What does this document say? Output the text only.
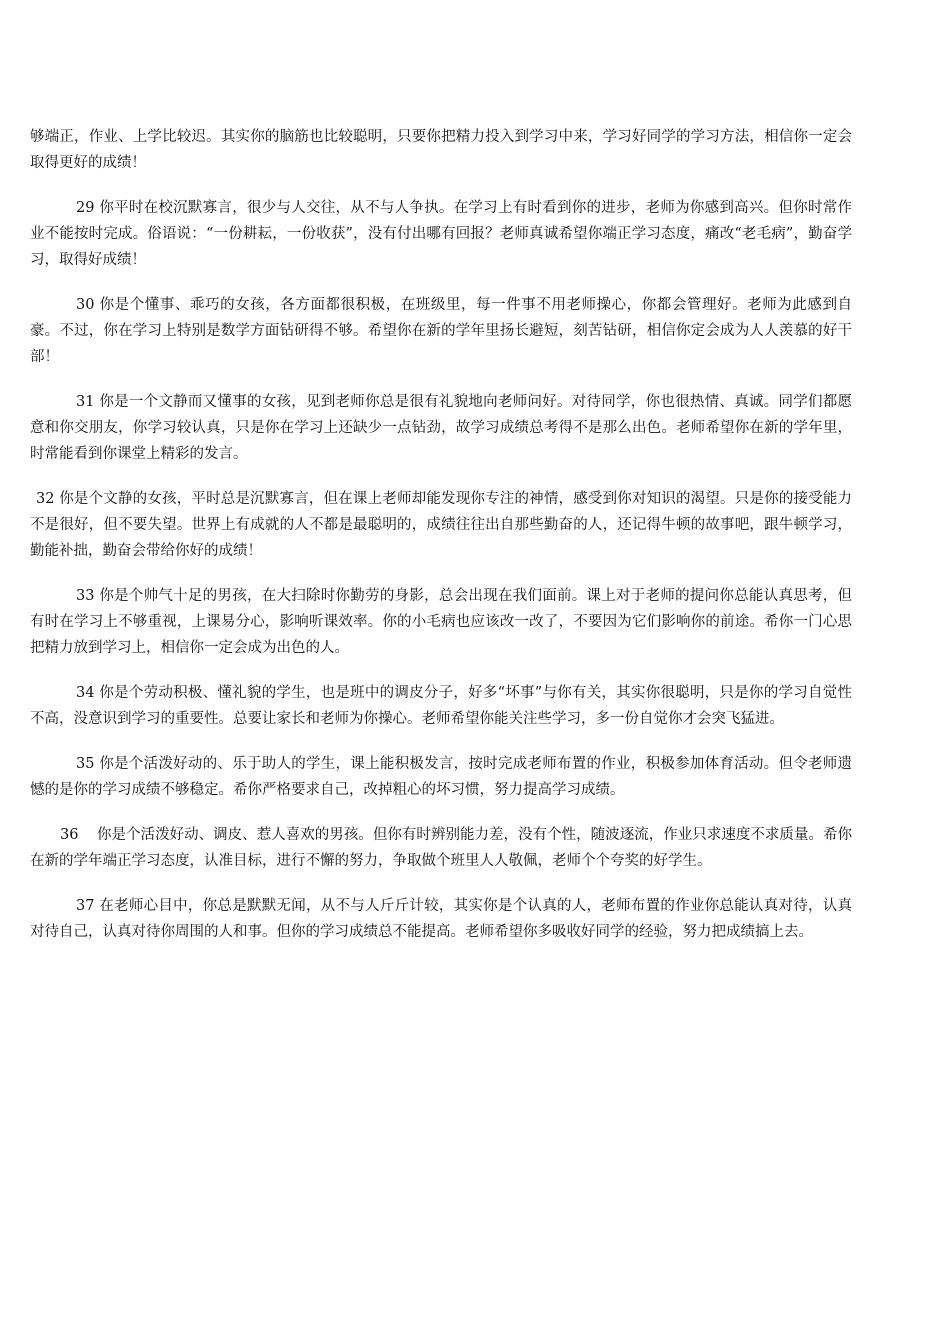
够端正，作业、上学比较迟。其实你的脑筋也比较聪明，只要你把精力投入到学习中来，学习好同学的学习方法，相信你一定会取得更好的成绩！

29 你平时在校沉默寡言，很少与人交往，从不与人争执。在学习上有时看到你的进步，老师为你感到高兴。但你时常作业不能按时完成。俗语说：“一份耕耘，一份收获”，没有付出哪有回报？老师真诚希望你端正学习态度，痛改“老毛病”，勤奋学习，取得好成绩！

30 你是个懂事、乖巧的女孩，各方面都很积极，在班级里，每一件事不用老师操心，你都会管理好。老师为此感到自豪。不过，你在学习上特别是数学方面钻研得不够。希望你在新的学年里扬长避短，刻苦钻研，相信你定会成为人人羡慕的好干部！

31 你是一个文静而又懂事的女孩，见到老师你总是很有礼貌地向老师问好。对待同学，你也很热情、真诚。同学们都愿意和你交朋友，你学习较认真，只是你在学习上还缺少一点钻劲，故学习成绩总考得不是那么出色。老师希望你在新的学年里，时常能看到你课堂上精彩的发言。

32 你是个文静的女孩，平时总是沉默寡言，但在课上老师却能发现你专注的神情，感受到你对知识的渴望。只是你的接受能力不是很好，但不要失望。世界上有成就的人不都是最聪明的，成绩往往出自那些勤奋的人，还记得牛顿的故事吧，跟牛顿学习，勤能补拙，勤奋会带给你好的成绩！

33 你是个帅气十足的男孩，在大扫除时你勤劳的身影，总会出现在我们面前。课上对于老师的提问你总能认真思考，但有时在学习上不够重视，上课易分心，影响听课效率。你的小毛病也应该改一改了，不要因为它们影响你的前途。希你一门心思把精力放到学习上，相信你一定会成为出色的人。

34 你是个劳动积极、懂礼貌的学生，也是班中的调皮分子，好多“坏事”与你有关，其实你很聪明，只是你的学习自觉性不高，没意识到学习的重要性。总要让家长和老师为你操心。老师希望你能关注些学习，多一份自觉你才会突飞猛进。

35 你是个活泼好动的、乐于助人的学生，课上能积极发言，按时完成老师布置的作业，积极参加体育活动。但令老师遗憾的是你的学习成绩不够稳定。希你严格要求自己，改掉粗心的坏习惯，努力提高学习成绩。

36 你是个活泼好动、调皮、惹人喜欢的男孩。但你有时辨别能力差，没有个性，随波逐流，作业只求速度不求质量。希你在新的学年端正学习态度，认准目标，进行不懈的努力，争取做个班里人人敬佩，老师个个夸奖的好学生。

37 在老师心目中，你总是默默无闻，从不与人斤斤计较，其实你是个认真的人，老师布置的作业你总能认真对待，认真对待自己，认真对待你周围的人和事。但你的学习成绩总不能提高。老师希望你多吸收好同学的经验，努力把成绩搞上去。
